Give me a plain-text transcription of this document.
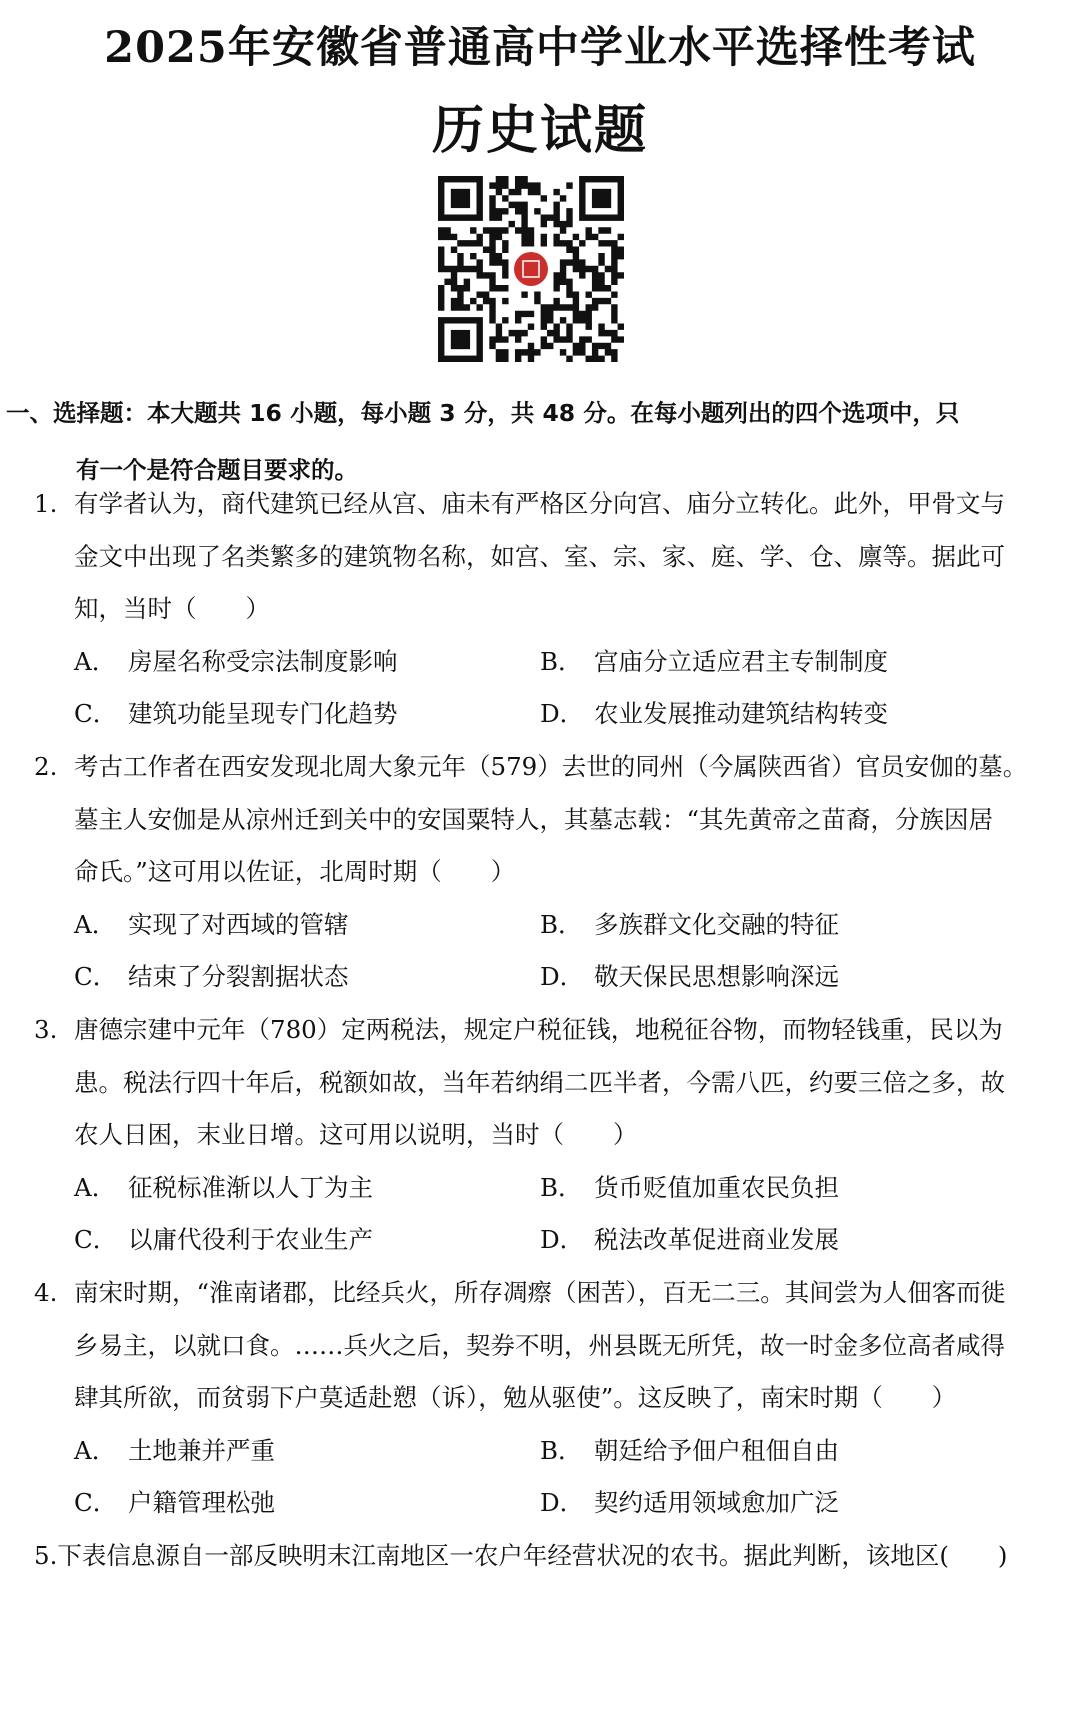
2025年安徽省普通高中学业水平选择性考试
历史试题
一、选择题：本大题共 16 小题，每小题 3 分，共 48 分。在每小题列出的四个选项中，只
有一个是符合题目要求的。
1. 有学者认为，商代建筑已经从宫、庙未有严格区分向宫、庙分立转化。此外，甲骨文与
金文中出现了名类繁多的建筑物名称，如宫、室、宗、家、庭、学、仓、廪等。据此可
知，当时（　　）
A． 房屋名称受宗法制度影响	B． 宫庙分立适应君主专制制度
C． 建筑功能呈现专门化趋势	D． 农业发展推动建筑结构转变
2. 考古工作者在西安发现北周大象元年（579）去世的同州（今属陕西省）官员安伽的墓。
墓主人安伽是从凉州迁到关中的安国粟特人，其墓志载：“其先黄帝之苗裔，分族因居
命氏。”这可用以佐证，北周时期（　　）
A． 实现了对西域的管辖	B． 多族群文化交融的特征
C． 结束了分裂割据状态	D． 敬天保民思想影响深远
3. 唐德宗建中元年（780）定两税法，规定户税征钱，地税征谷物，而物轻钱重，民以为
患。税法行四十年后，税额如故，当年若纳绢二匹半者，今需八匹，约要三倍之多，故
农人日困，末业日增。这可用以说明，当时（　　）
A． 征税标准渐以人丁为主	B． 货币贬值加重农民负担
C． 以庸代役利于农业生产	D． 税法改革促进商业发展
4. 南宋时期，“淮南诸郡，比经兵火，所存凋瘵（困苦），百无二三。其间尝为人佃客而徙
乡易主，以就口食。……兵火之后，契券不明，州县既无所凭，故一时金多位高者咸得
肆其所欲，而贫弱下户莫适赴愬（诉），勉从驱使”。这反映了，南宋时期（　　）
A． 土地兼并严重	B． 朝廷给予佃户租佃自由
C． 户籍管理松弛	D． 契约适用领域愈加广泛
5.下表信息源自一部反映明末江南地区一农户年经营状况的农书。据此判断，该地区(　　)
